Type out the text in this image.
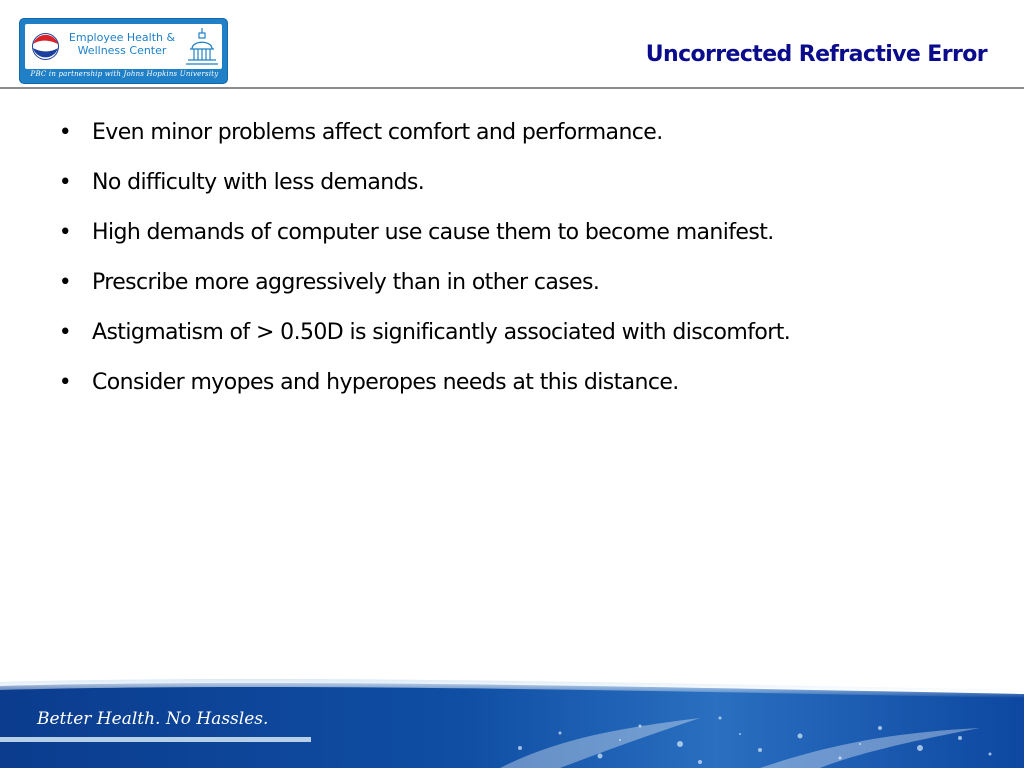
Employee Health &
Wellness Center
PBC in partnership with Johns Hopkins University
Uncorrected Refractive Error
• Even minor problems affect comfort and performance.
• No difficulty with less demands.
• High demands of computer use cause them to become manifest.
• Prescribe more aggressively than in other cases.
• Astigmatism of > 0.50D is significantly associated with discomfort.
• Consider myopes and hyperopes needs at this distance.
Better Health. No Hassles.
